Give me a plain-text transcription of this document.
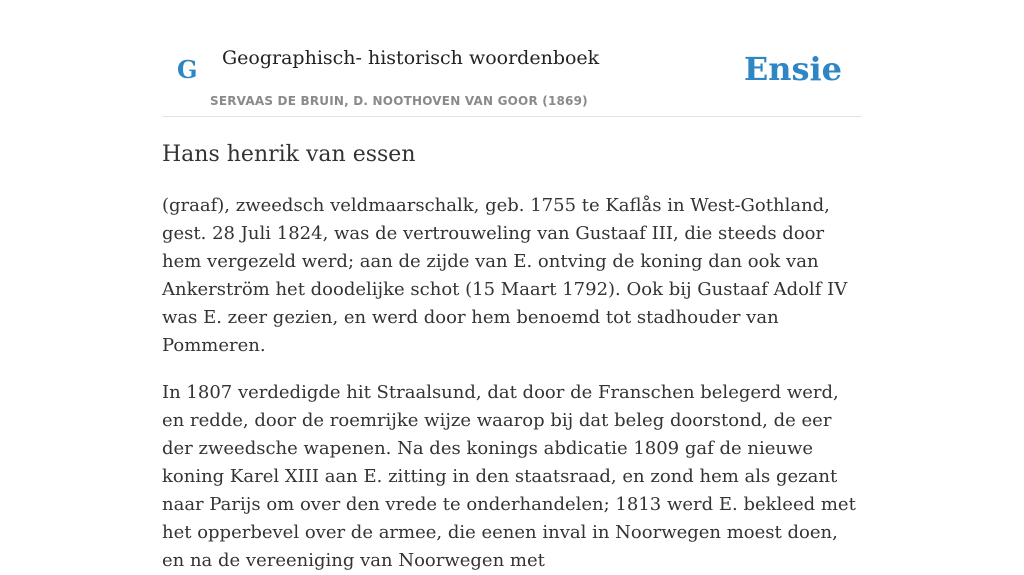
G Geographisch- historisch woordenboek
SERVAAS DE BRUIN, D. NOOTHOVEN VAN GOOR (1869)
Ensie
Hans henrik van essen

(graaf), zweedsch veldmaarschalk, geb. 1755 te Kaflås in West-Gothland, gest. 28 Juli 1824, was de vertrouweling van Gustaaf III, die steeds door hem vergezeld werd; aan de zijde van E. ontving de koning dan ook van Ankerström het doodelijke schot (15 Maart 1792). Ook bij Gustaaf Adolf IV was E. zeer gezien, en werd door hem benoemd tot stadhouder van Pommeren.

In 1807 verdedigde hit Straalsund, dat door de Franschen belegerd werd, en redde, door de roemrijke wijze waarop bij dat beleg doorstond, de eer der zweedsche wapenen. Na des konings abdicatie 1809 gaf de nieuwe koning Karel XIII aan E. zitting in den staatsraad, en zond hem als gezant naar Parijs om over den vrede te onderhandelen; 1813 werd E. bekleed met het opperbevel over de armee, die eenen inval in Noorwegen moest doen, en na de vereeniging van Noorwegen met
